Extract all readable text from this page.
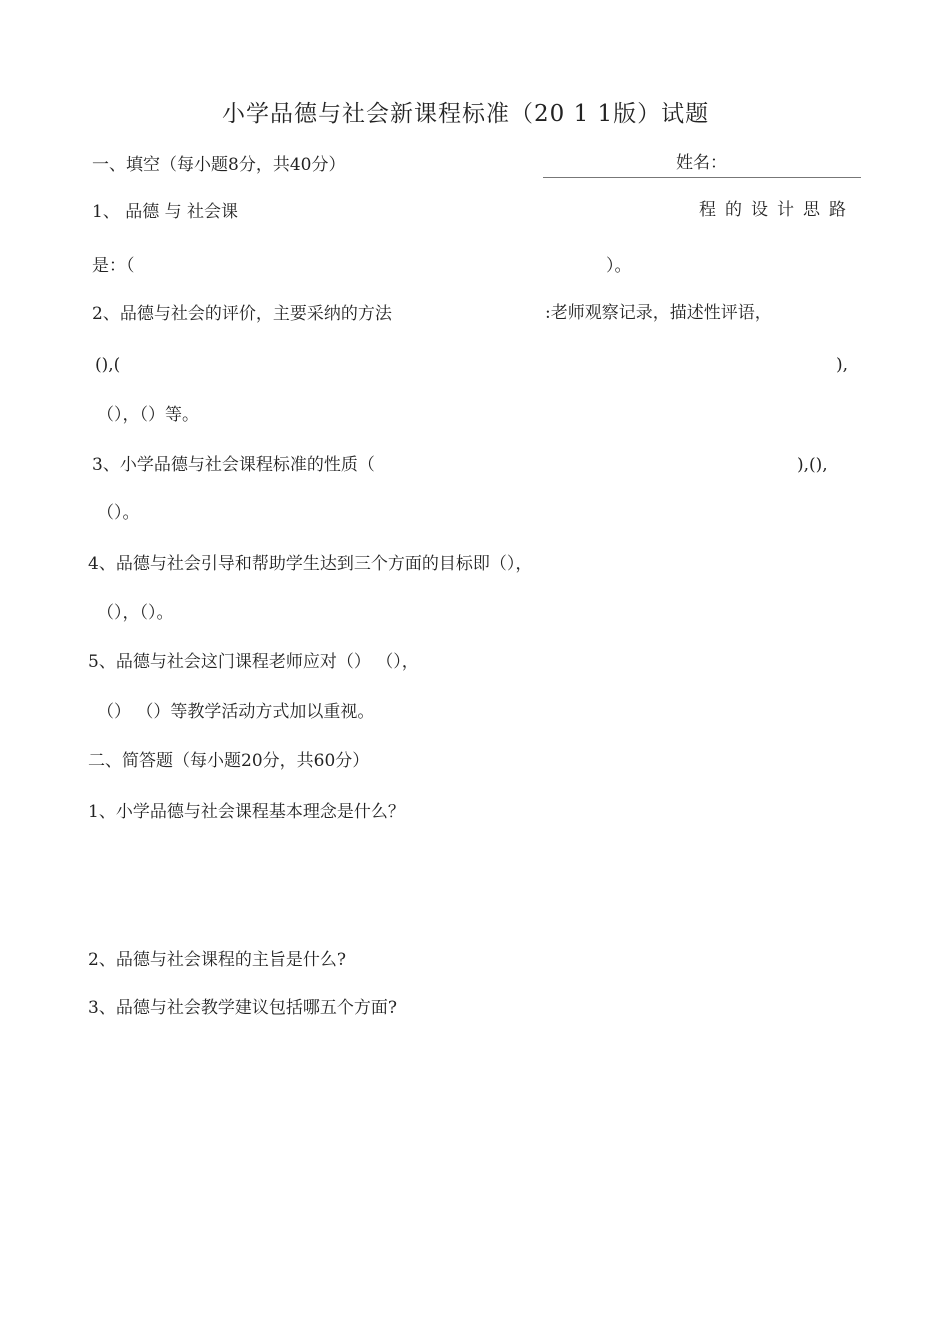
小学品德与社会新课程标准（20 1 1版）试题
一、填空（每小题8分，共40分）	姓名：
1、 品德 与 社会课	程的设计思路
是：（	）。
2、品德与社会的评价，主要采纳的方法	:老师观察记录，描述性评语，
(),(	),
（），（）等。
3、小学品德与社会课程标准的性质（	),(),
（）。
4、品德与社会引导和帮助学生达到三个方面的目标即（），
（），（）。
5、品德与社会这门课程老师应对（） （），
（） （）等教学活动方式加以重视。
二、简答题（每小题20分，共60分）
1、小学品德与社会课程基本理念是什么？
2、品德与社会课程的主旨是什么?
3、品德与社会教学建议包括哪五个方面?
